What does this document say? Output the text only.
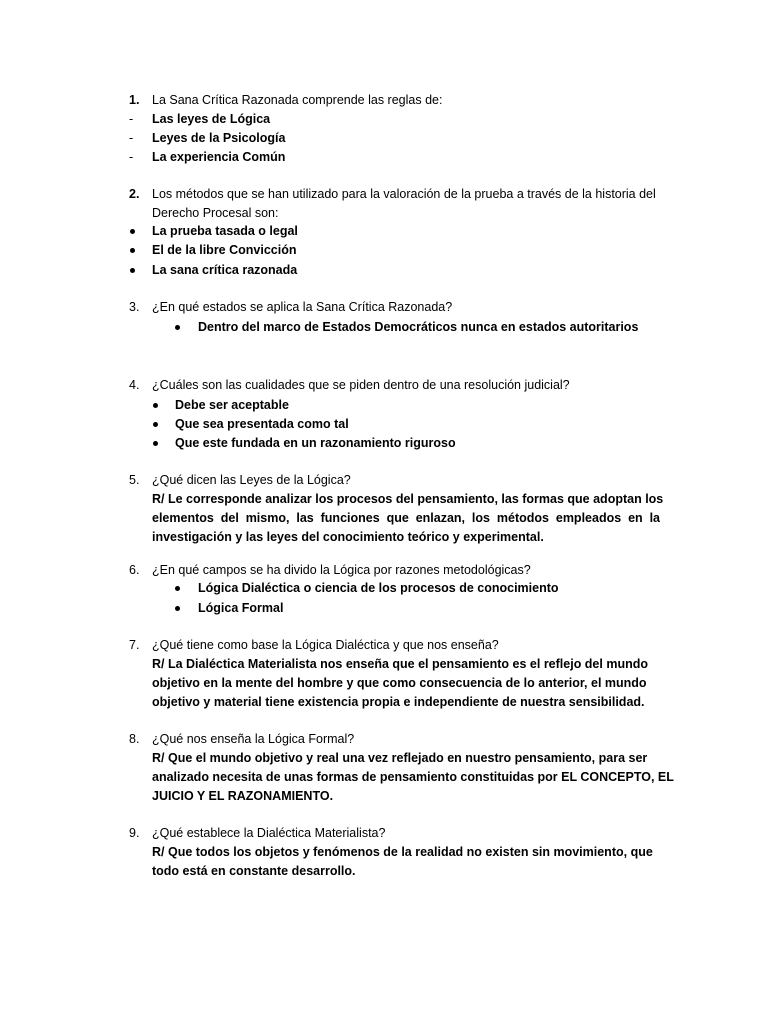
1. La Sana Crítica Razonada comprende las reglas de:
- Las leyes de Lógica
- Leyes de la Psicología
- La experiencia Común
2. Los métodos que se han utilizado para la valoración de la prueba a través de la historia del
Derecho Procesal son:
La prueba tasada o legal
El de la libre Convicción
La sana crítica razonada
3. ¿En qué estados se aplica la Sana Crítica Razonada?
Dentro del marco de Estados Democráticos nunca en estados autoritarios
4. ¿Cuáles son las cualidades que se piden dentro de una resolución judicial?
Debe ser aceptable
Que sea presentada como tal
Que este fundada en un razonamiento riguroso
5. ¿Qué dicen las Leyes de la Lógica?
R/ Le corresponde analizar los procesos del pensamiento, las formas que adoptan los
elementos del mismo, las funciones que enlazan, los métodos empleados en la
investigación y las leyes del conocimiento teórico y experimental.
6. ¿En qué campos se ha divido la Lógica por razones metodológicas?
Lógica Dialéctica o ciencia de los procesos de conocimiento
Lógica Formal
7. ¿Qué tiene como base la Lógica Dialéctica y que nos enseña?
R/ La Dialéctica Materialista nos enseña que el pensamiento es el reflejo del mundo
objetivo en la mente del hombre y que como consecuencia de lo anterior, el mundo
objetivo y material tiene existencia propia e independiente de nuestra sensibilidad.
8. ¿Qué nos enseña la Lógica Formal?
R/ Que el mundo objetivo y real una vez reflejado en nuestro pensamiento, para ser
analizado necesita de unas formas de pensamiento constituidas por EL CONCEPTO, EL
JUICIO Y EL RAZONAMIENTO.
9. ¿Qué establece la Dialéctica Materialista?
R/ Que todos los objetos y fenómenos de la realidad no existen sin movimiento, que
todo está en constante desarrollo.
